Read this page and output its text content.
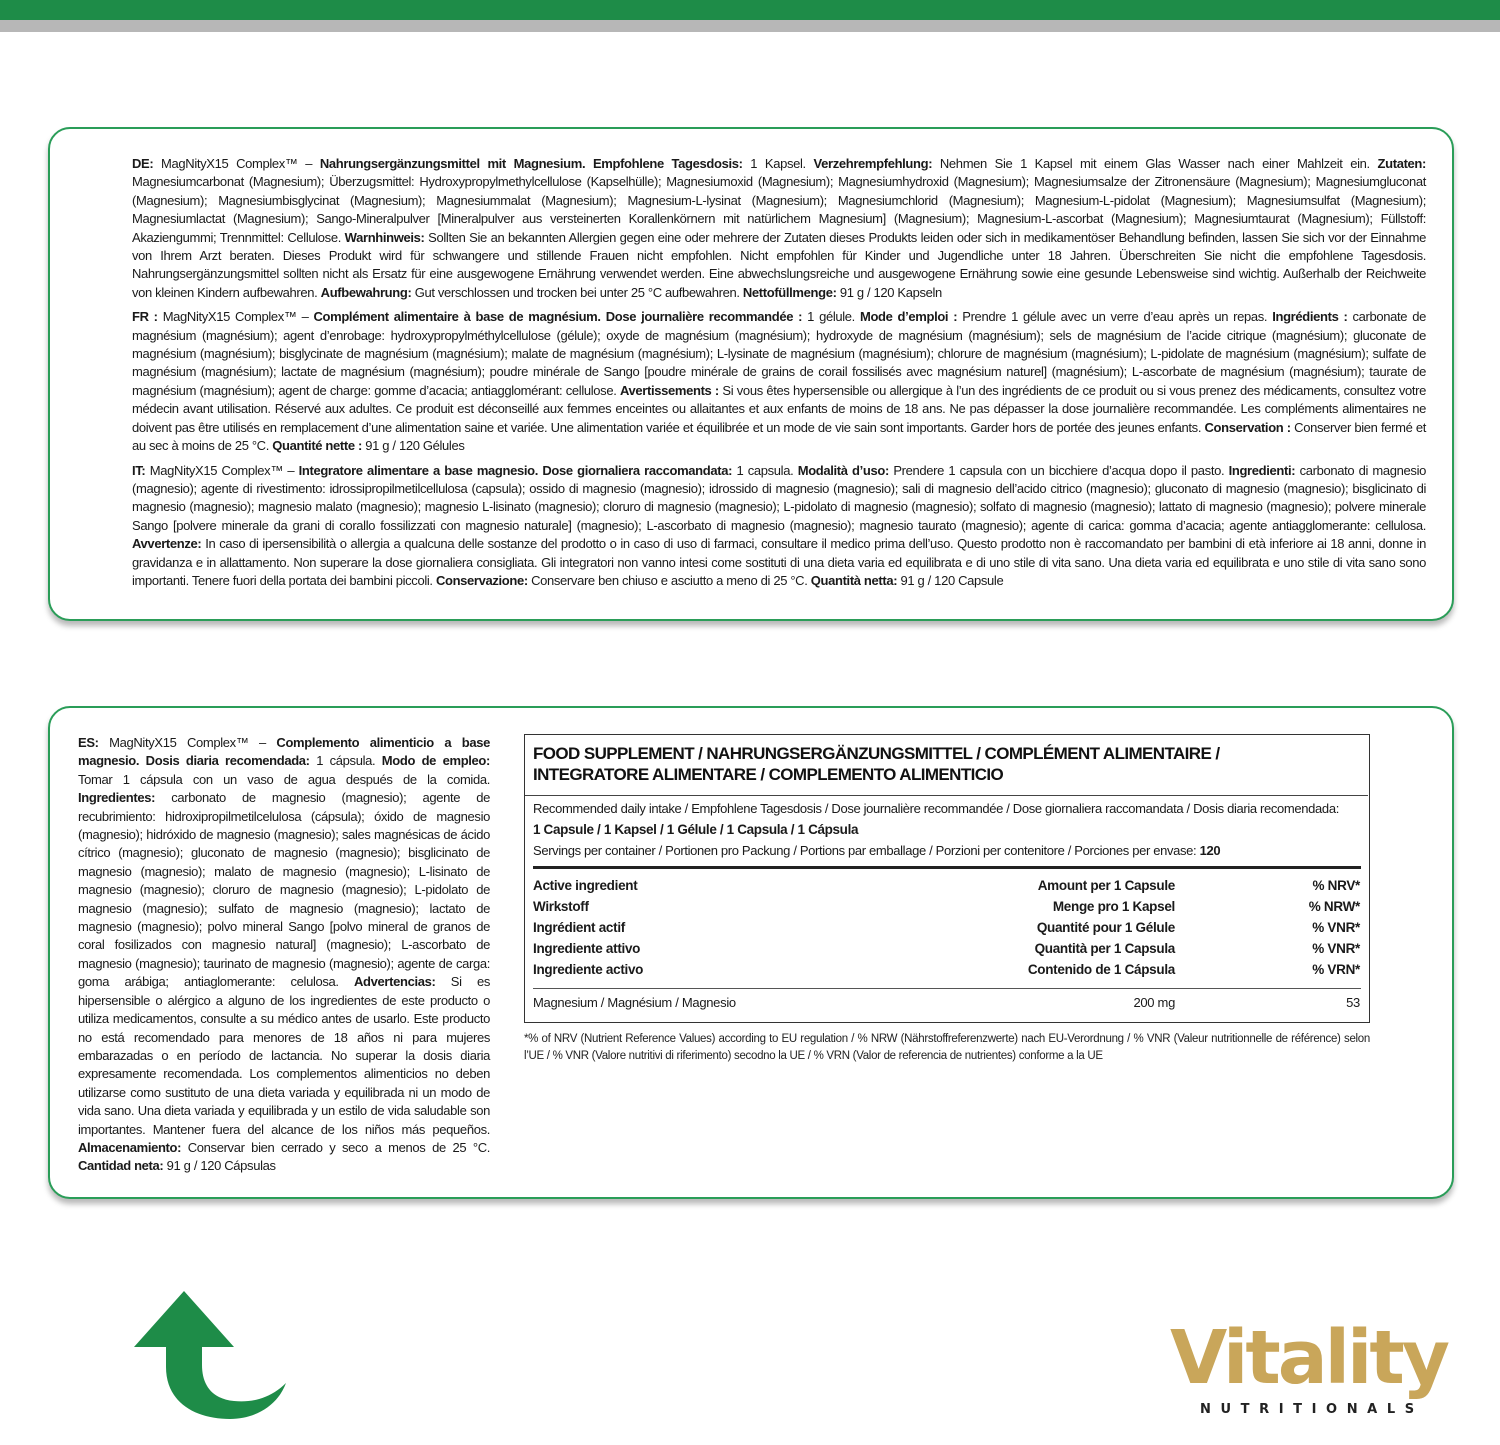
DE: MagNityX15 Complex™ – Nahrungsergänzungsmittel mit Magnesium. Empfohlene Tagesdosis: 1 Kapsel. Verzehrempfehlung: Nehmen Sie 1 Kapsel mit einem Glas Wasser nach einer Mahlzeit ein. Zutaten: Magnesiumcarbonat (Magnesium); Überzugsmittel: Hydroxypropylmethylcellulose (Kapselhülle); Magnesiumoxid (Magnesium); Magnesiumhydroxid (Magnesium); Magnesiumsalze der Zitronensäure (Magnesium); Magnesiumgluconat (Magnesium); Magnesiumbisglycinat (Magnesium); Magnesiummalat (Magnesium); Magnesium-L-lysinat (Magnesium); Magnesiumchlorid (Magnesium); Magnesium-L-pidolat (Magnesium); Magnesiumsulfat (Magnesium); Magnesiumlactat (Magnesium); Sango-Mineralpulver [Mineralpulver aus versteinerten Korallenkörnern mit natürlichem Magnesium] (Magnesium); Magnesium-L-ascorbat (Magnesium); Magnesiumtaurat (Magnesium); Füllstoff: Akaziengummi; Trennmittel: Cellulose. Warnhinweis: Sollten Sie an bekannten Allergien gegen eine oder mehrere der Zutaten dieses Produkts leiden oder sich in medikamentöser Behandlung befinden, lassen Sie sich vor der Einnahme von Ihrem Arzt beraten. Dieses Produkt wird für schwangere und stillende Frauen nicht empfohlen. Nicht empfohlen für Kinder und Jugendliche unter 18 Jahren. Überschreiten Sie nicht die empfohlene Tagesdosis. Nahrungsergänzungsmittel sollten nicht als Ersatz für eine ausgewogene Ernährung verwendet werden. Eine abwechslungsreiche und ausgewogene Ernährung sowie eine gesunde Lebensweise sind wichtig. Außerhalb der Reichweite von kleinen Kindern aufbewahren. Aufbewahrung: Gut verschlossen und trocken bei unter 25 °C aufbewahren. Nettofüllmenge: 91 g / 120 Kapseln

FR : MagNityX15 Complex™ – Complément alimentaire à base de magnésium. Dose journalière recommandée : 1 gélule. Mode d’emploi : Prendre 1 gélule avec un verre d’eau après un repas. Ingrédients : carbonate de magnésium (magnésium); agent d’enrobage: hydroxypropylméthylcellulose (gélule); oxyde de magnésium (magnésium); hydroxyde de magnésium (magnésium); sels de magnésium de l’acide citrique (magnésium); gluconate de magnésium (magnésium); bisglycinate de magnésium (magnésium); malate de magnésium (magnésium); L-lysinate de magnésium (magnésium); chlorure de magnésium (magnésium); L-pidolate de magnésium (magnésium); sulfate de magnésium (magnésium); lactate de magnésium (magnésium); poudre minérale de Sango [poudre minérale de grains de corail fossilisés avec magnésium naturel] (magnésium); L-ascorbate de magnésium (magnésium); taurate de magnésium (magnésium); agent de charge: gomme d’acacia; antiagglomérant: cellulose. Avertissements : Si vous êtes hypersensible ou allergique à l’un des ingrédients de ce produit ou si vous prenez des médicaments, consultez votre médecin avant utilisation. Réservé aux adultes. Ce produit est déconseillé aux femmes enceintes ou allaitantes et aux enfants de moins de 18 ans. Ne pas dépasser la dose journalière recommandée. Les compléments alimentaires ne doivent pas être utilisés en remplacement d’une alimentation saine et variée. Une alimentation variée et équilibrée et un mode de vie sain sont importants. Garder hors de portée des jeunes enfants. Conservation : Conserver bien fermé et au sec à moins de 25 °C. Quantité nette : 91 g / 120 Gélules

IT: MagNityX15 Complex™ – Integratore alimentare a base magnesio. Dose giornaliera raccomandata: 1 capsula. Modalità d’uso: Prendere 1 capsula con un bicchiere d’acqua dopo il pasto. Ingredienti: carbonato di magnesio (magnesio); agente di rivestimento: idrossipropilmetilcellulosa (capsula); ossido di magnesio (magnesio); idrossido di magnesio (magnesio); sali di magnesio dell’acido citrico (magnesio); gluconato di magnesio (magnesio); bisglicinato di magnesio (magnesio); magnesio malato (magnesio); magnesio L-lisinato (magnesio); cloruro di magnesio (magnesio); L-pidolato di magnesio (magnesio); solfato di magnesio (magnesio); lattato di magnesio (magnesio); polvere minerale Sango [polvere minerale da grani di corallo fossilizzati con magnesio naturale] (magnesio); L-ascorbato di magnesio (magnesio); magnesio taurato (magnesio); agente di carica: gomma d’acacia; agente antiagglomerante: cellulosa. Avvertenze: In caso di ipersensibilità o allergia a qualcuna delle sostanze del prodotto o in caso di uso di farmaci, consultare il medico prima dell’uso. Questo prodotto non è raccomandato per bambini di età inferiore ai 18 anni, donne in gravidanza e in allattamento. Non superare la dose giornaliera consigliata. Gli integratori non vanno intesi come sostituti di una dieta varia ed equilibrata e di uno stile di vita sano. Una dieta varia ed equilibrata e uno stile di vita sano sono importanti. Tenere fuori della portata dei bambini piccoli. Conservazione: Conservare ben chiuso e asciutto a meno di 25 °C. Quantità netta: 91 g / 120 Capsule

ES: MagNityX15 Complex™ – Complemento alimenticio a base magnesio. Dosis diaria recomendada: 1 cápsula. Modo de empleo: Tomar 1 cápsula con un vaso de agua después de la comida. Ingredientes: carbonato de magnesio (magnesio); agente de recubrimiento: hidroxipropilmetilcelulosa (cápsula); óxido de magnesio (magnesio); hidróxido de magnesio (magnesio); sales magnésicas de ácido cítrico (magnesio); gluconato de magnesio (magnesio); bisglicinato de magnesio (magnesio); malato de magnesio (magnesio); L-lisinato de magnesio (magnesio); cloruro de magnesio (magnesio); L-pidolato de magnesio (magnesio); sulfato de magnesio (magnesio); lactato de magnesio (magnesio); polvo mineral Sango [polvo mineral de granos de coral fosilizados con magnesio natural] (magnesio); L-ascorbato de magnesio (magnesio); taurinato de magnesio (magnesio); agente de carga: goma arábiga; antiaglomerante: celulosa. Advertencias: Si es hipersensible o alérgico a alguno de los ingredientes de este producto o utiliza medicamentos, consulte a su médico antes de usarlo. Este producto no está recomendado para menores de 18 años ni para mujeres embarazadas o en período de lactancia. No superar la dosis diaria expresamente recomendada. Los complementos alimenticios no deben utilizarse como sustituto de una dieta variada y equilibrada ni un modo de vida sano. Una dieta variada y equilibrada y un estilo de vida saludable son importantes. Mantener fuera del alcance de los niños más pequeños. Almacenamiento: Conservar bien cerrado y seco a menos de 25 °C. Cantidad neta: 91 g / 120 Cápsulas
FOOD SUPPLEMENT / NAHRUNGSERGÄNZUNGSMITTEL / COMPLÉMENT ALIMENTAIRE /
INTEGRATORE ALIMENTARE / COMPLEMENTO ALIMENTICIO
Recommended daily intake / Empfohlene Tagesdosis / Dose journalière recommandée / Dose giornaliera raccomandata / Dosis diaria recomendada:
1 Capsule / 1 Kapsel / 1 Gélule / 1 Capsula / 1 Cápsula
Servings per container / Portionen pro Packung / Portions par emballage / Porzioni per contenitore / Porciones per envase: 120
Active ingredient
Wirkstoff
Ingrédient actif
Ingrediente attivo
Ingrediente activo
Amount per 1 Capsule
Menge pro 1 Kapsel
Quantité pour 1 Gélule
Quantità per 1 Capsula
Contenido de 1 Cápsula
% NRV*
% NRW*
% VNR*
% VNR*
% VRN*
Magnesium / Magnésium / Magnesio	200 mg	53
*% of NRV (Nutrient Reference Values) according to EU regulation / % NRW (Nährstoffreferenzwerte) nach EU-Verordnung / % VNR (Valeur nutritionnelle de référence) selon l’UE / % VNR (Valore nutritivi di riferimento) secodno la UE / % VRN (Valor de referencia de nutrientes) conforme a la UE
Vitality
NUTRITIONALS
